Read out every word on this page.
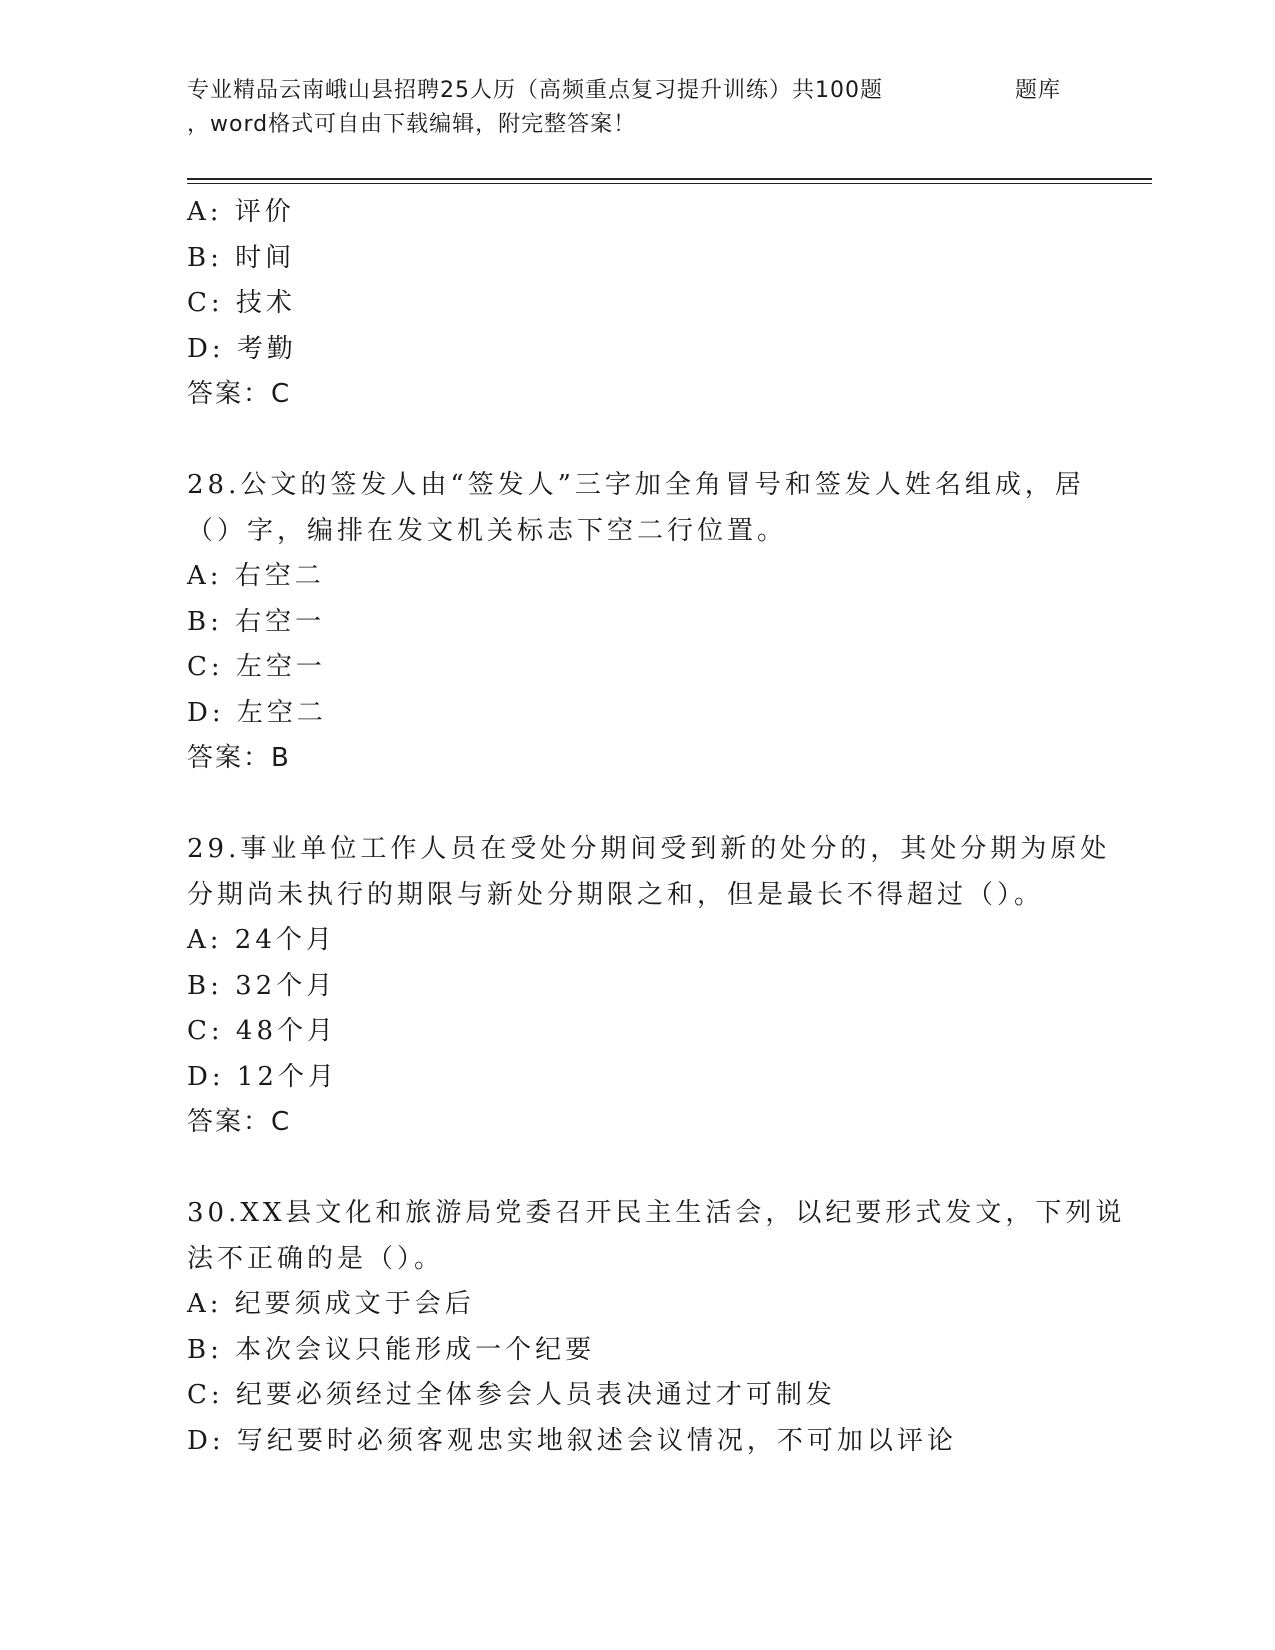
专业精品云南峨山县招聘25人历（高频重点复习提升训练）共100题	题库
，word格式可自由下载编辑，附完整答案！
A: 评价
B: 时间
C: 技术
D: 考勤
答案：C
28.公文的签发人由“签发人”三字加全角冒号和签发人姓名组成，居
（）字，编排在发文机关标志下空二行位置。
A: 右空二
B: 右空一
C: 左空一
D: 左空二
答案：B
29.事业单位工作人员在受处分期间受到新的处分的，其处分期为原处
分期尚未执行的期限与新处分期限之和，但是最长不得超过（）。
A: 24个月
B: 32个月
C: 48个月
D: 12个月
答案：C
30.XX县文化和旅游局党委召开民主生活会，以纪要形式发文，下列说
法不正确的是（）。
A: 纪要须成文于会后
B: 本次会议只能形成一个纪要
C: 纪要必须经过全体参会人员表决通过才可制发
D: 写纪要时必须客观忠实地叙述会议情况，不可加以评论
